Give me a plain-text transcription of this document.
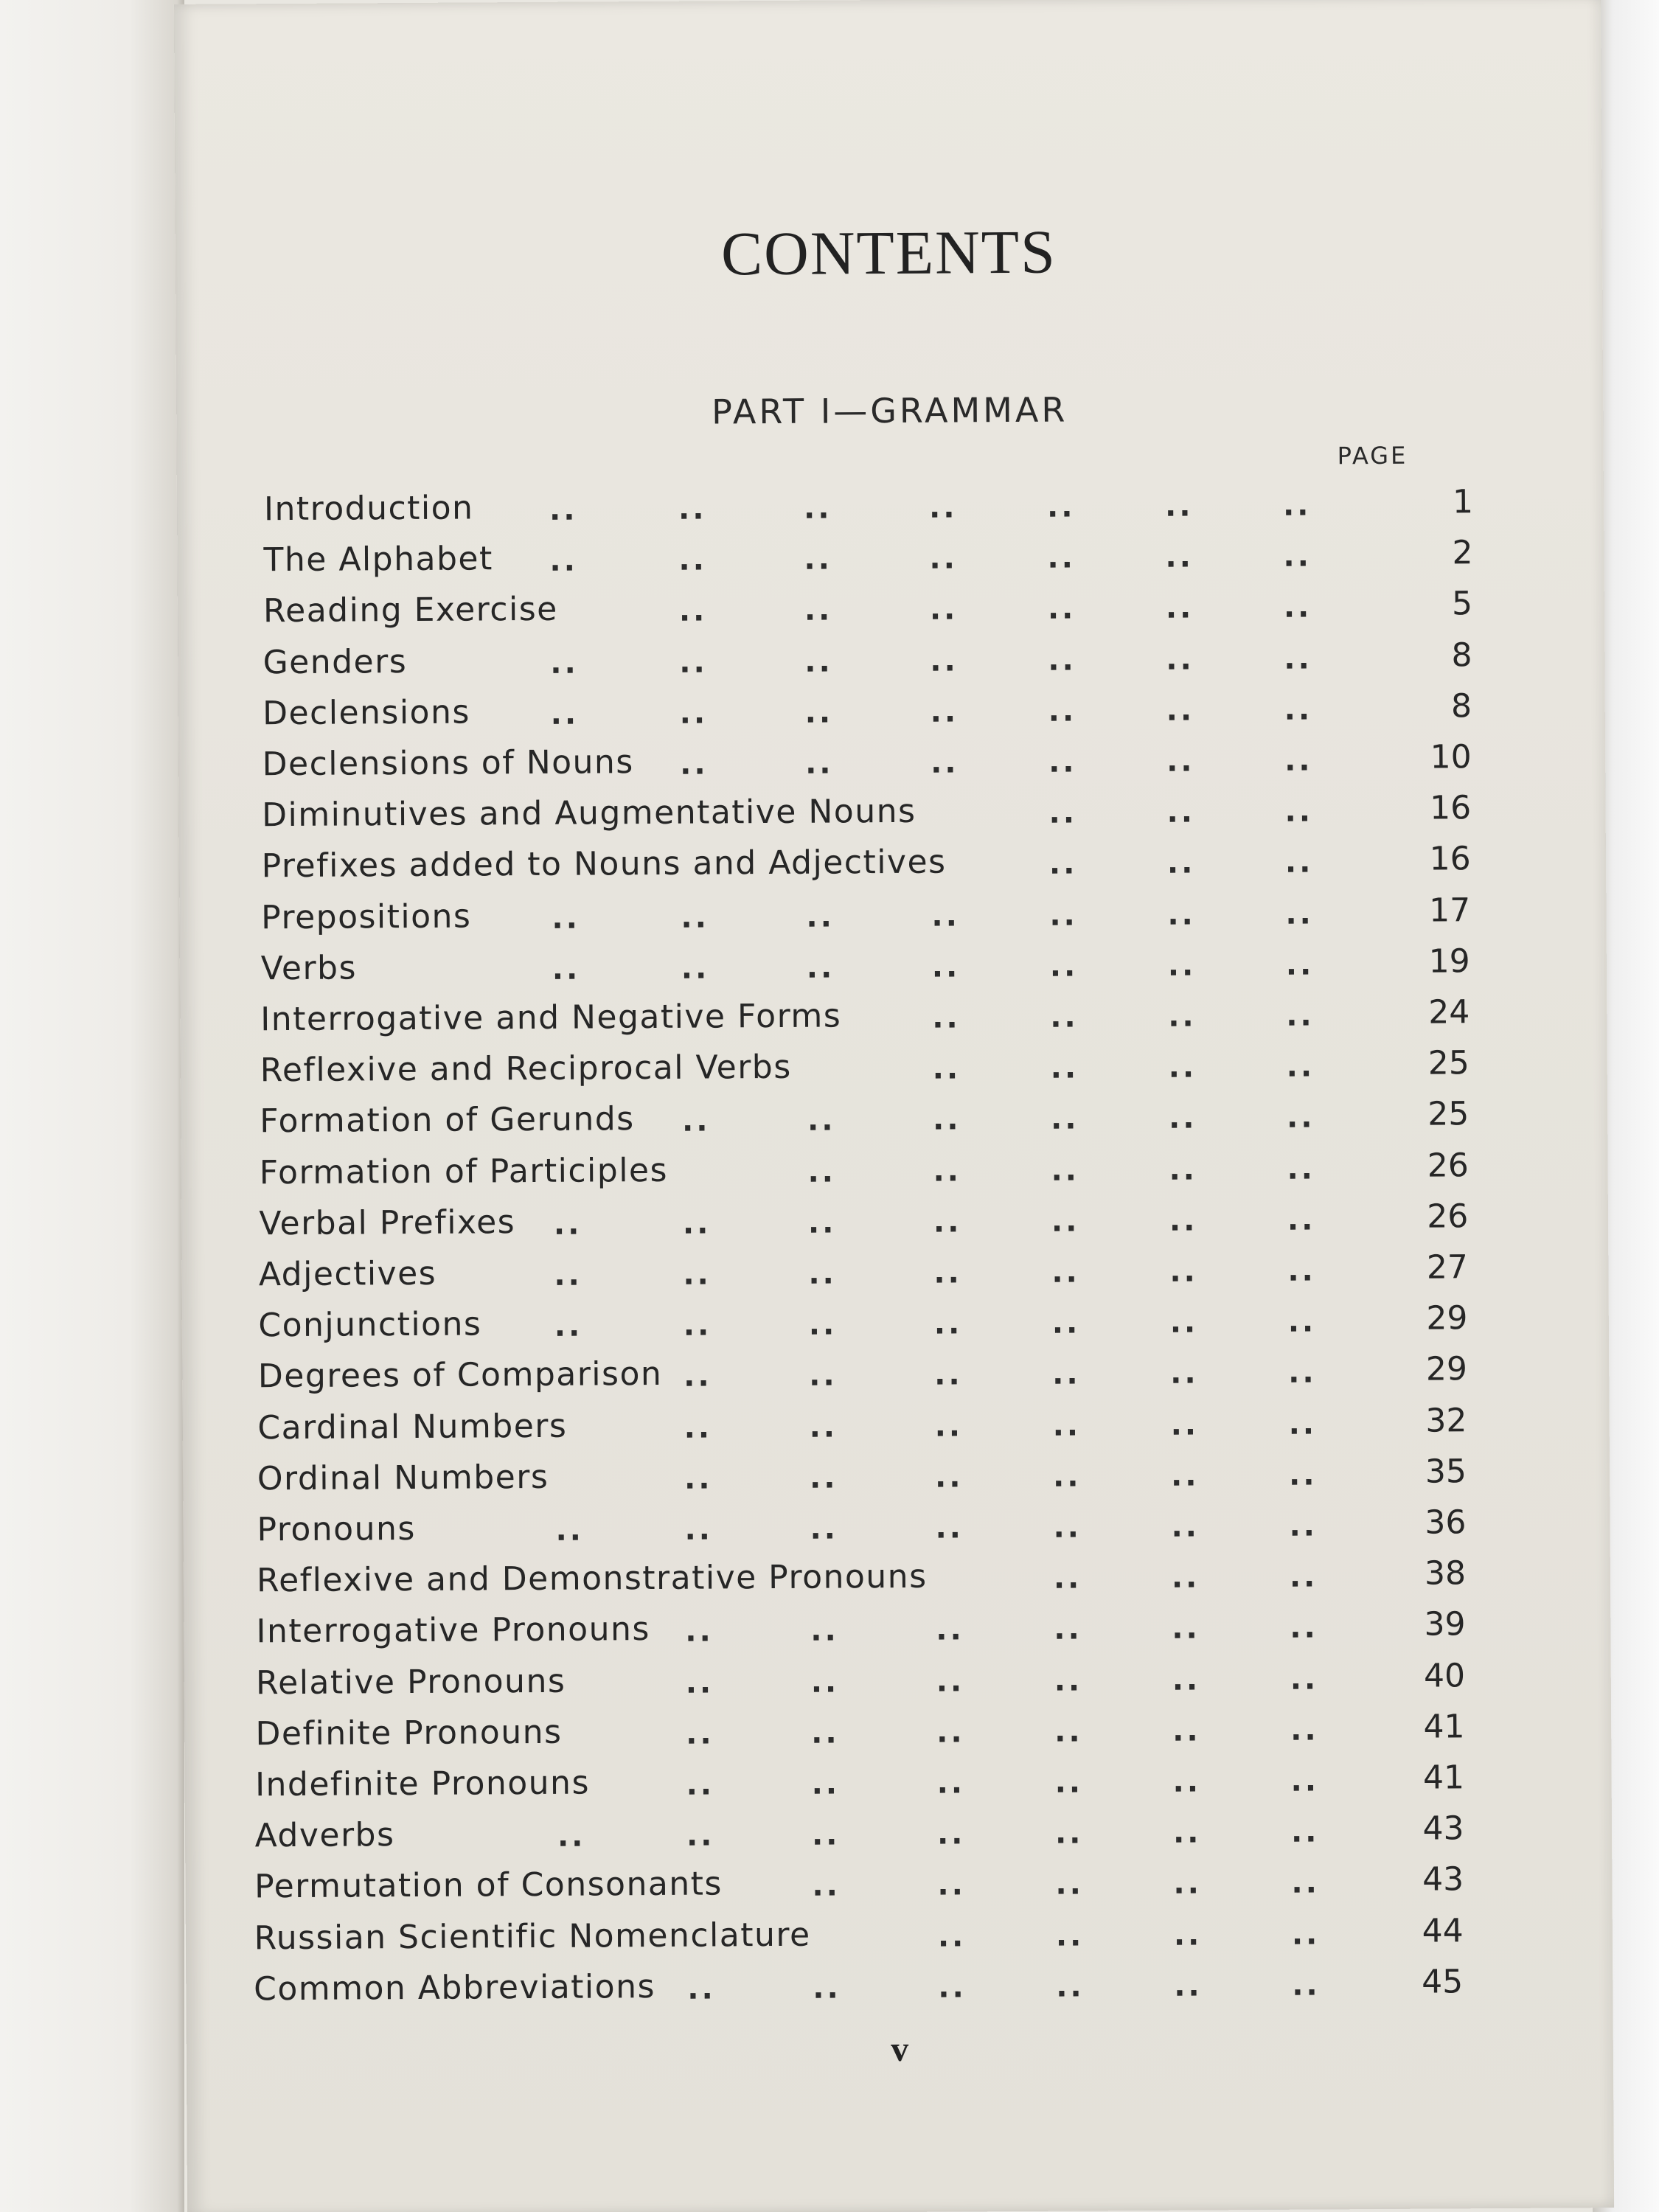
CONTENTS
PART I—GRAMMAR
PAGE
Introduction	..	..	..	..	..	..	..	1
The Alphabet ..	..	..	..	..	..	..	2
Reading Exercise	..	..	..	..	..	..	5
Genders	..	..	..	..	..	..	..	8
Declensions	..	..	..	..	..	..	..	8
Declensions of Nouns ..	..	..	..	..	..	10
Diminutives and Augmentative Nouns	..	..	..	16
Prefixes added to Nouns and Adjectives	..	..	..	16
Prepositions	..	..	..	..	..	..	..	17
Verbs	..	..	..	..	..	..	..	19
Interrogative and Negative Forms	..	..	..	..	24
Reflexive and Reciprocal Verbs	..	..	..	..	25
Formation of Gerunds ..	..	..	..	..	..	25
Formation of Participles	..	..	..	..	..	26
Verbal Prefixes ..	..	..	..	..	..	..	26
Adjectives	..	..	..	..	..	..	..	27
Conjunctions ..	..	..	..	..	..	..	29
Degrees of Comparison ..	..	..	..	..	..	29
Cardinal Numbers	..	..	..	..	..	..	32
Ordinal Numbers	..	..	..	..	..	..	35
Pronouns	..	..	..	..	..	..	..	36
Reflexive and Demonstrative Pronouns	..	..	..	38
Interrogative Pronouns ..	..	..	..	..	..	39
Relative Pronouns	..	..	..	..	..	..	40
Definite Pronouns	..	..	..	..	..	..	41
Indefinite Pronouns	..	..	..	..	..	..	41
Adverbs	..	..	..	..	..	..	..	43
Permutation of Consonants	..	..	..	..	..	43
Russian Scientific Nomenclature	..	..	..	..	44
Common Abbreviations ..	..	..	..	..	..	45
v
